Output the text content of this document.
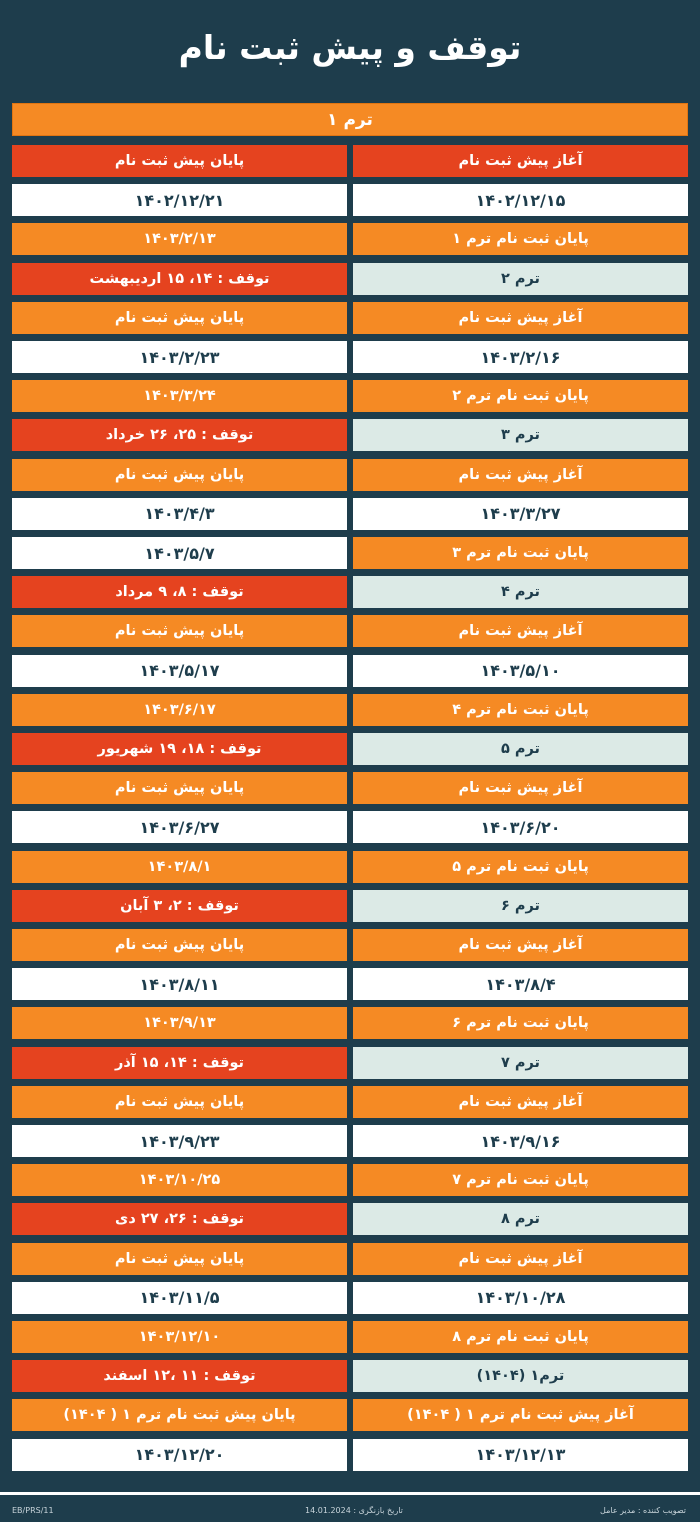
توقف و پیش ثبت نام
ترم ۱
آغاز پیش ثبت نام
پایان پیش ثبت نام
۱۴۰۲/۱۲/۱۵
۱۴۰۲/۱۲/۲۱
پایان ثبت نام ترم ۱
۱۴۰۳/۲/۱۳
ترم ۲
توقف : ۱۴، ۱۵ اردیبهشت
آغاز پیش ثبت نام
پایان پیش ثبت نام
۱۴۰۳/۲/۱۶
۱۴۰۳/۲/۲۳
پایان ثبت نام ترم ۲
۱۴۰۳/۳/۲۴
ترم ۳
توقف : ۲۵، ۲۶ خرداد
آغاز پیش ثبت نام
پایان پیش ثبت نام
۱۴۰۳/۳/۲۷
۱۴۰۳/۴/۳
پایان ثبت نام ترم ۳
۱۴۰۳/۵/۷
ترم ۴
توقف : ۸، ۹ مرداد
آغاز پیش ثبت نام
پایان پیش ثبت نام
۱۴۰۳/۵/۱۰
۱۴۰۳/۵/۱۷
پایان ثبت نام ترم ۴
۱۴۰۳/۶/۱۷
ترم ۵
توقف : ۱۸، ۱۹ شهریور
آغاز پیش ثبت نام
پایان پیش ثبت نام
۱۴۰۳/۶/۲۰
۱۴۰۳/۶/۲۷
پایان ثبت نام ترم ۵
۱۴۰۳/۸/۱
ترم ۶
توقف : ۲، ۳ آبان
آغاز پیش ثبت نام
پایان پیش ثبت نام
۱۴۰۳/۸/۴
۱۴۰۳/۸/۱۱
پایان ثبت نام ترم ۶
۱۴۰۳/۹/۱۳
ترم ۷
توقف : ۱۴، ۱۵ آذر
آغاز پیش ثبت نام
پایان پیش ثبت نام
۱۴۰۳/۹/۱۶
۱۴۰۳/۹/۲۳
پایان ثبت نام ترم ۷
۱۴۰۳/۱۰/۲۵
ترم ۸
توقف : ۲۶، ۲۷ دی
آغاز پیش ثبت نام
پایان پیش ثبت نام
۱۴۰۳/۱۰/۲۸
۱۴۰۳/۱۱/۵
پایان ثبت نام ترم ۸
۱۴۰۳/۱۲/۱۰
ترم۱ (۱۴۰۴)
توقف : ۱۱ ،۱۲ اسفند
آغاز پیش ثبت نام ترم ۱ ( ۱۴۰۴)
پایان پیش ثبت نام ترم ۱ ( ۱۴۰۴)
۱۴۰۳/۱۲/۱۳
۱۴۰۳/۱۲/۲۰
EB/PRS/11	تاریخ بازنگری : 14.01.2024	تصویب کننده : مدیر عامل
